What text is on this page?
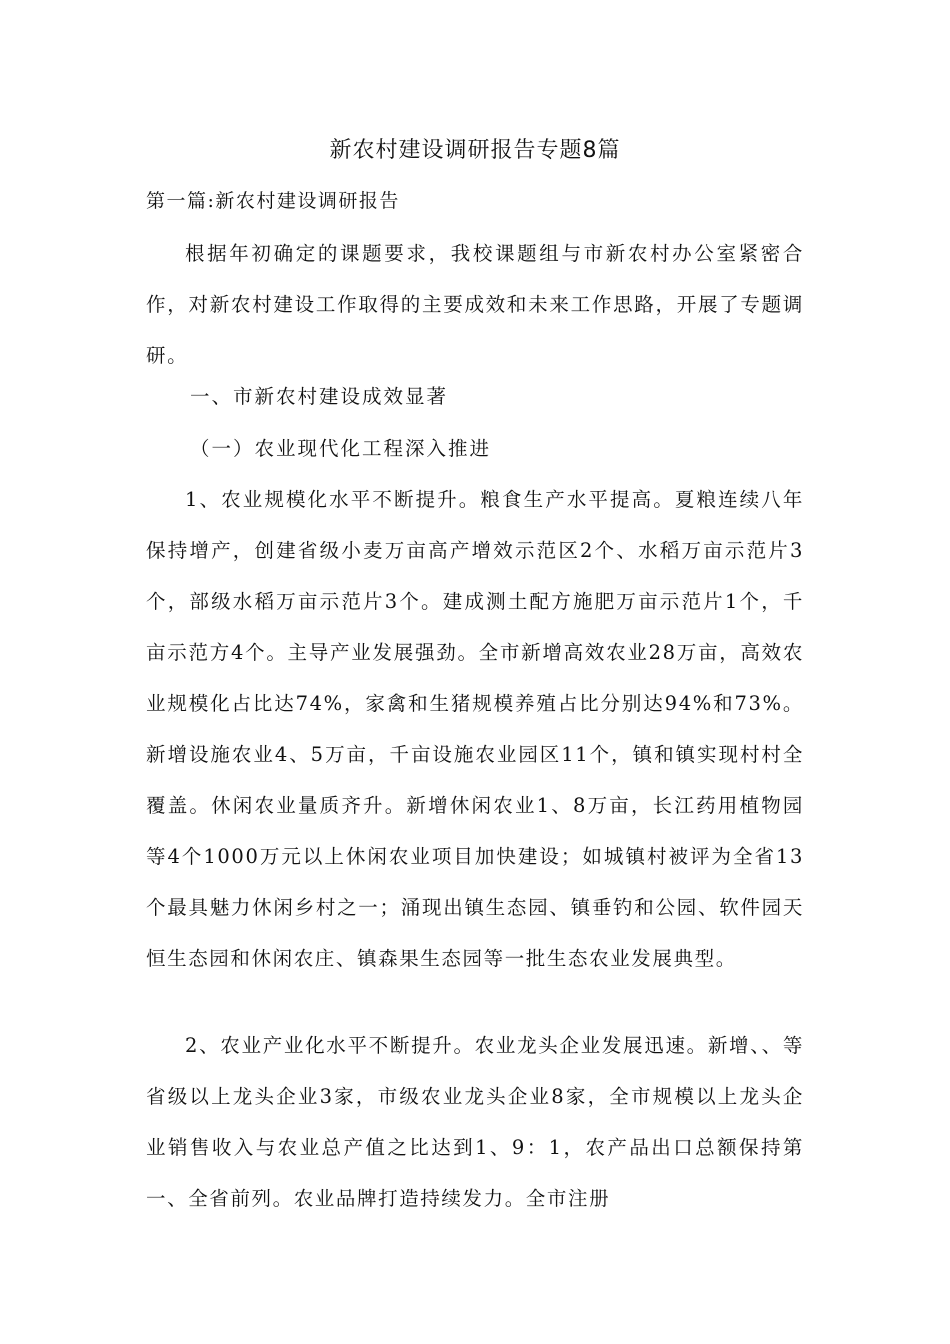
新农村建设调研报告专题8篇

第一篇:新农村建设调研报告

根据年初确定的课题要求，我校课题组与市新农村办公室紧密合作，对新农村建设工作取得的主要成效和未来工作思路，开展了专题调研。

一、市新农村建设成效显著

（一）农业现代化工程深入推进

1、农业规模化水平不断提升。粮食生产水平提高。夏粮连续八年保持增产，创建省级小麦万亩高产增效示范区2个、水稻万亩示范片3个，部级水稻万亩示范片3个。建成测土配方施肥万亩示范片1个，千亩示范方4个。主导产业发展强劲。全市新增高效农业28万亩，高效农业规模化占比达74%，家禽和生猪规模养殖占比分别达94%和73%。新增设施农业4、5万亩，千亩设施农业园区11个，镇和镇实现村村全覆盖。休闲农业量质齐升。新增休闲农业1、8万亩，长江药用植物园等4个1000万元以上休闲农业项目加快建设；如城镇村被评为全省13个最具魅力休闲乡村之一；涌现出镇生态园、镇垂钓和公园、软件园天恒生态园和休闲农庄、镇森果生态园等一批生态农业发展典型。

2、农业产业化水平不断提升。农业龙头企业发展迅速。新增、、等省级以上龙头企业3家，市级农业龙头企业8家，全市规模以上龙头企业销售收入与农业总产值之比达到1、9：1，农产品出口总额保持第一、全省前列。农业品牌打造持续发力。全市注册
